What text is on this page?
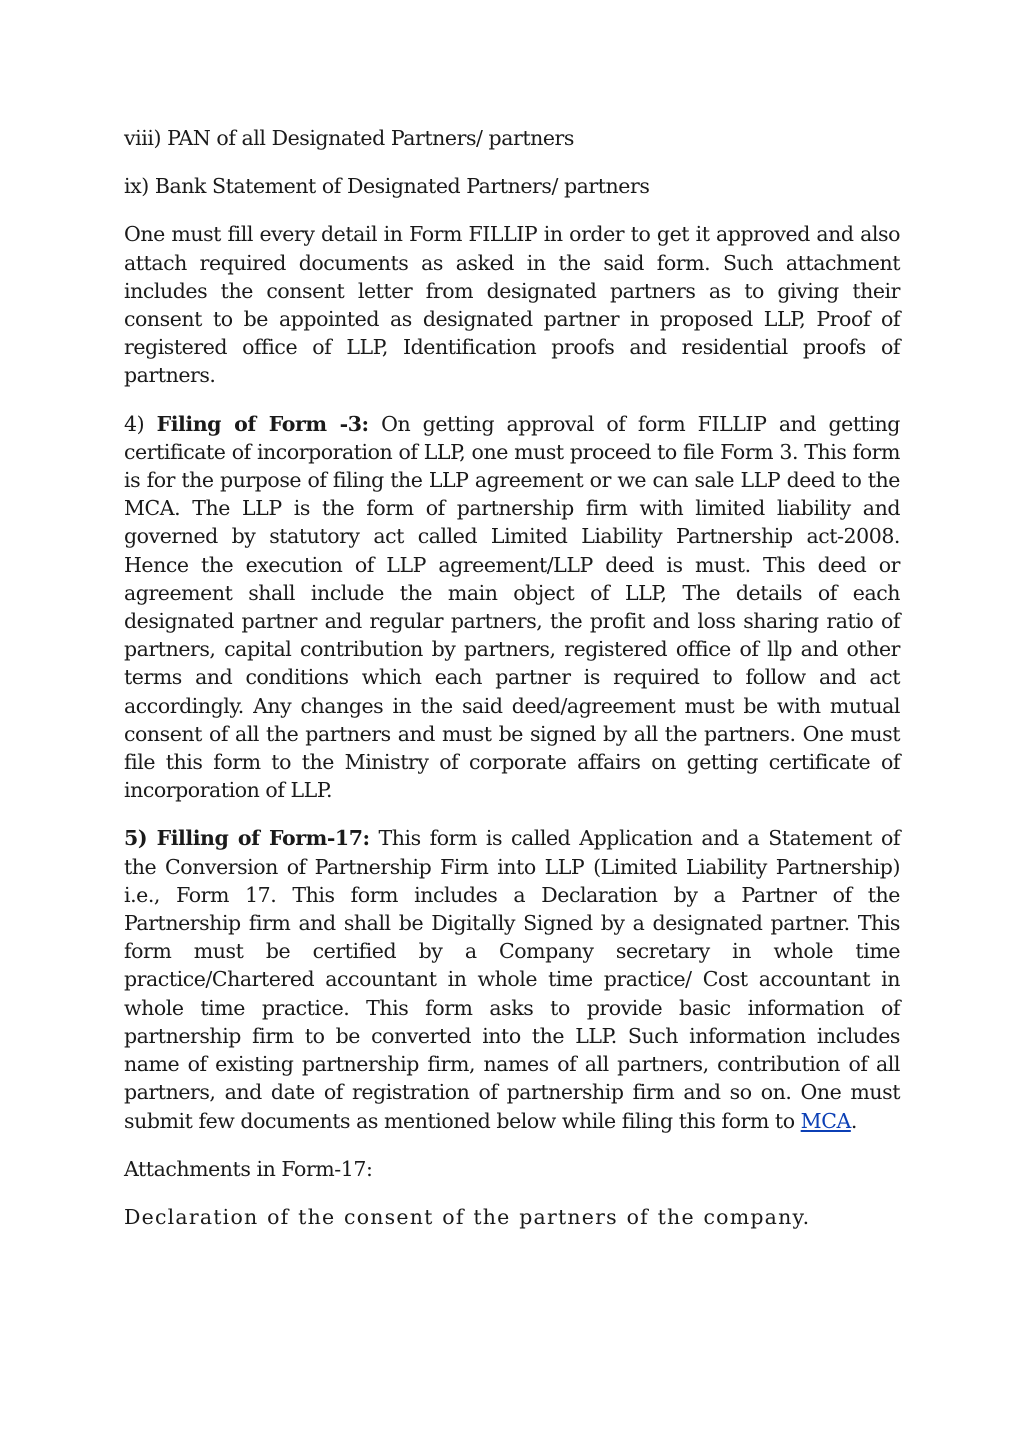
viii) PAN of all Designated Partners/ partners

ix) Bank Statement of Designated Partners/ partners

One must fill every detail in Form FILLIP in order to get it approved and also attach required documents as asked in the said form. Such attachment includes the consent letter from designated partners as to giving their consent to be appointed as designated partner in proposed LLP, Proof of registered office of LLP, Identification proofs and residential proofs of partners.

4) Filing of Form -3: On getting approval of form FILLIP and getting certificate of incorporation of LLP, one must proceed to file Form 3. This form is for the purpose of filing the LLP agreement or we can sale LLP deed to the MCA. The LLP is the form of partnership firm with limited liability and governed by statutory act called Limited Liability Partnership act-2008. Hence the execution of LLP agreement/LLP deed is must. This deed or agreement shall include the main object of LLP, The details of each designated partner and regular partners, the profit and loss sharing ratio of partners, capital contribution by partners, registered office of llp and other terms and conditions which each partner is required to follow and act accordingly. Any changes in the said deed/agreement must be with mutual consent of all the partners and must be signed by all the partners. One must file this form to the Ministry of corporate affairs on getting certificate of incorporation of LLP.

5) Filling of Form-17: This form is called Application and a Statement of the Conversion of Partnership Firm into LLP (Limited Liability Partnership) i.e., Form 17. This form includes a Declaration by a Partner of the Partnership firm and shall be Digitally Signed by a designated partner. This form must be certified by a Company secretary in whole time practice/Chartered accountant in whole time practice/ Cost accountant in whole time practice. This form asks to provide basic information of partnership firm to be converted into the LLP. Such information includes name of existing partnership firm, names of all partners, contribution of all partners, and date of registration of partnership firm and so on. One must submit few documents as mentioned below while filing this form to MCA.

Attachments in Form-17:

Declaration of the consent of the partners of the company.
